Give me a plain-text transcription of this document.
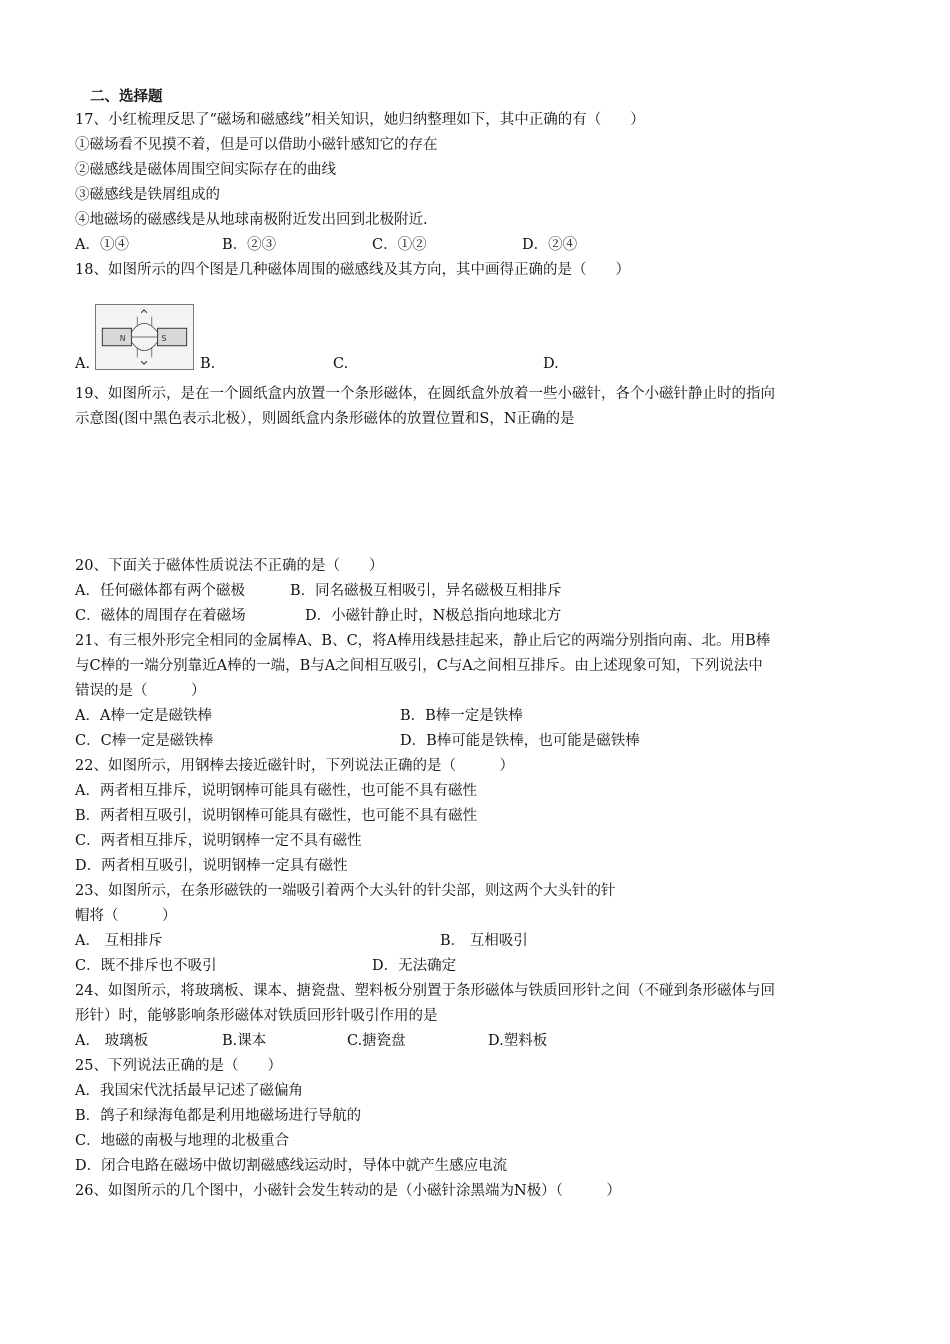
二、选择题
17、小红梳理反思了“磁场和磁感线”相关知识，她归纳整理如下，其中正确的有（　　）
①磁场看不见摸不着，但是可以借助小磁针感知它的存在
②磁感线是磁体周围空间实际存在的曲线
③磁感线是铁屑组成的
④地磁场的磁感线是从地球南极附近发出回到北极附近.
A．①④	B．②③	C．①②	D．②④
18、如图所示的四个图是几种磁体周围的磁感线及其方向，其中画得正确的是（　　）
N	S
A.	B.	C.	D.
19、如图所示，是在一个圆纸盒内放置一个条形磁体，在圆纸盒外放着一些小磁针，各个小磁针静止时的指向
示意图(图中黑色表示北极），则圆纸盒内条形磁体的放置位置和S，N正确的是
20、下面关于磁体性质说法不正确的是（　　）
A．任何磁体都有两个磁极	B．同名磁极互相吸引，异名磁极互相排斥
C．磁体的周围存在着磁场	D．小磁针静止时，N极总指向地球北方
21、有三根外形完全相同的金属棒A、B、C，将A棒用线悬挂起来，静止后它的两端分别指向南、北。用B棒
与C棒的一端分别靠近A棒的一端，B与A之间相互吸引，C与A之间相互排斥。由上述现象可知，下列说法中
错误的是（　　　）
A．A棒一定是磁铁棒	B．B棒一定是铁棒
C．C棒一定是磁铁棒	D．B棒可能是铁棒，也可能是磁铁棒
22、如图所示，用钢棒去接近磁针时，下列说法正确的是（　　　）
A．两者相互排斥，说明钢棒可能具有磁性，也可能不具有磁性
B．两者相互吸引，说明钢棒可能具有磁性，也可能不具有磁性
C．两者相互排斥，说明钢棒一定不具有磁性
D．两者相互吸引，说明钢棒一定具有磁性
23、如图所示，在条形磁铁的一端吸引着两个大头针的针尖部，则这两个大头针的针
帽将（　　　）
A． 互相排斥	B． 互相吸引
C．既不排斥也不吸引	D．无法确定
24、如图所示，将玻璃板、课本、搪瓷盘、塑料板分别置于条形磁体与铁质回形针之间（不碰到条形磁体与回
形针）时，能够影响条形磁体对铁质回形针吸引作用的是
A． 玻璃板	B.课本	C.搪瓷盘	D.塑料板
25、下列说法正确的是（　　）
A．我国宋代沈括最早记述了磁偏角
B．鸽子和绿海龟都是利用地磁场进行导航的
C．地磁的南极与地理的北极重合
D．闭合电路在磁场中做切割磁感线运动时，导体中就产生感应电流
26、如图所示的几个图中，小磁针会发生转动的是（小磁针涂黑端为N极）（　　　）
